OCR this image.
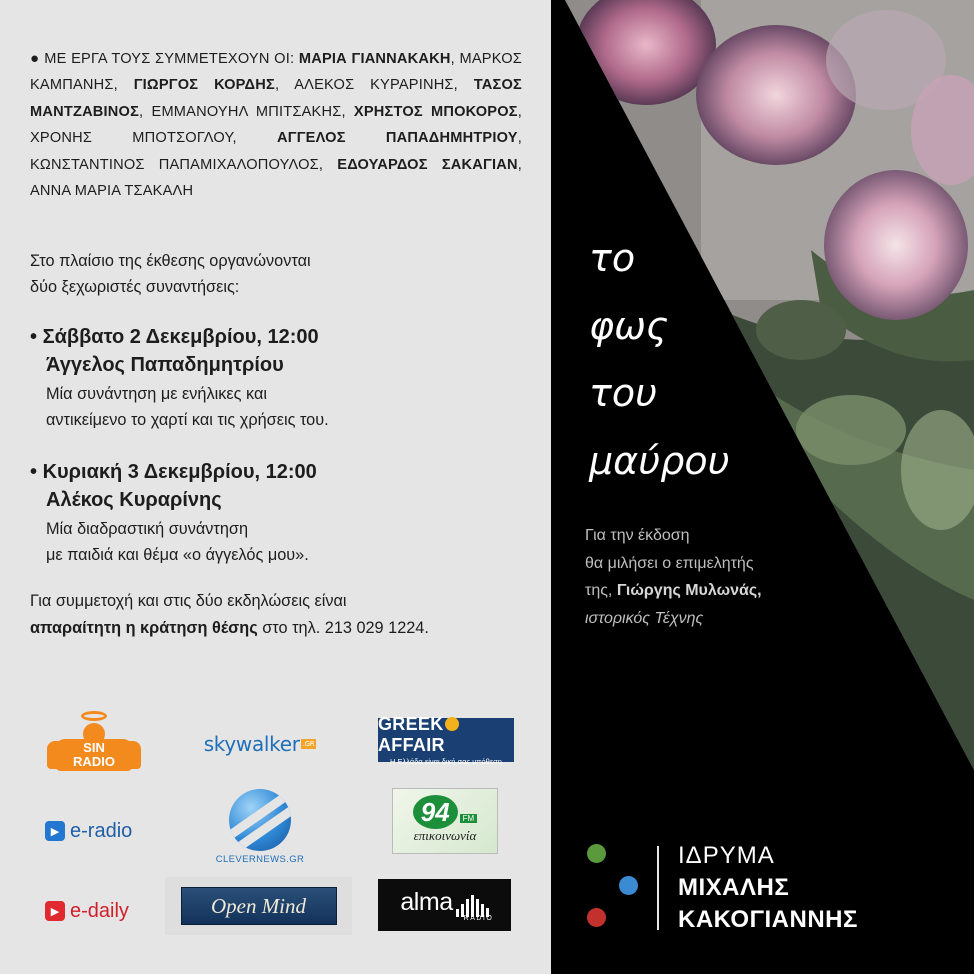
● ΜΕ ΕΡΓΑ ΤΟΥΣ ΣΥΜΜΕΤΕΧΟΥΝ ΟΙ: ΜΑΡΙΑ ΓΙΑΝΝΑΚΑΚΗ, ΜΑΡΚΟΣ ΚΑΜΠΑΝΗΣ, ΓΙΩΡΓΟΣ ΚΟΡΔΗΣ, ΑΛΕΚΟΣ ΚΥΡΑΡΙΝΗΣ, ΤΑΣΟΣ ΜΑΝΤΖΑΒΙΝΟΣ, ΕΜΜΑΝΟΥΗΛ ΜΠΙΤΣΑΚΗΣ, ΧΡΗΣΤΟΣ ΜΠΟΚΟΡΟΣ, ΧΡΟΝΗΣ ΜΠΟΤΣΟΓΛΟΥ,	ΑΓΓΕΛΟΣ ΠΑΠΑΔΗΜΗΤΡΙΟΥ, ΚΩΝΣΤΑΝΤΙΝΟΣ ΠΑΠΑΜΙΧΑΛΟΠΟΥΛΟΣ, ΕΔΟΥΑΡΔΟΣ ΣΑΚΑΓΙΑΝ, ΑΝΝΑ ΜΑΡΙΑ ΤΣΑΚΑΛΗ
Στο πλαίσιο της έκθεσης οργανώνονται
δύο ξεχωριστές συναντήσεις:
• Σάββατο 2 Δεκεμβρίου, 12:00
Άγγελος Παπαδημητρίου
Μία συνάντηση με ενήλικες και
αντικείμενο το χαρτί και τις χρήσεις του.
• Κυριακή 3 Δεκεμβρίου, 12:00
Αλέκος Κυραρίνης
Μία διαδραστική συνάντηση
με παιδιά και θέμα «ο άγγελός μου».
Για συμμετοχή και στις δύο εκδηλώσεις είναι
απαραίτητη η κράτηση θέσης στο τηλ. 213 029 1224.
SIN RADIO
skywalker .GR
GREEKAFFAIR
Η Ελλάδα είναι δική σας υπόθεση
▶ e-radio
CLEVERNEWS.GR
94 FM
επικοινωνία
▶ e-daily	Open Mind	alma
RADIO
το
φως
του
μαύρου
Για την έκδοση
θα μιλήσει ο επιμελητής
της, Γιώργης Μυλωνάς,
ιστορικός Τέχνης
ΙΔΡΥΜΑ
ΜΙΧΑΛΗΣ
ΚΑΚΟΓΙΑΝΝΗΣ
